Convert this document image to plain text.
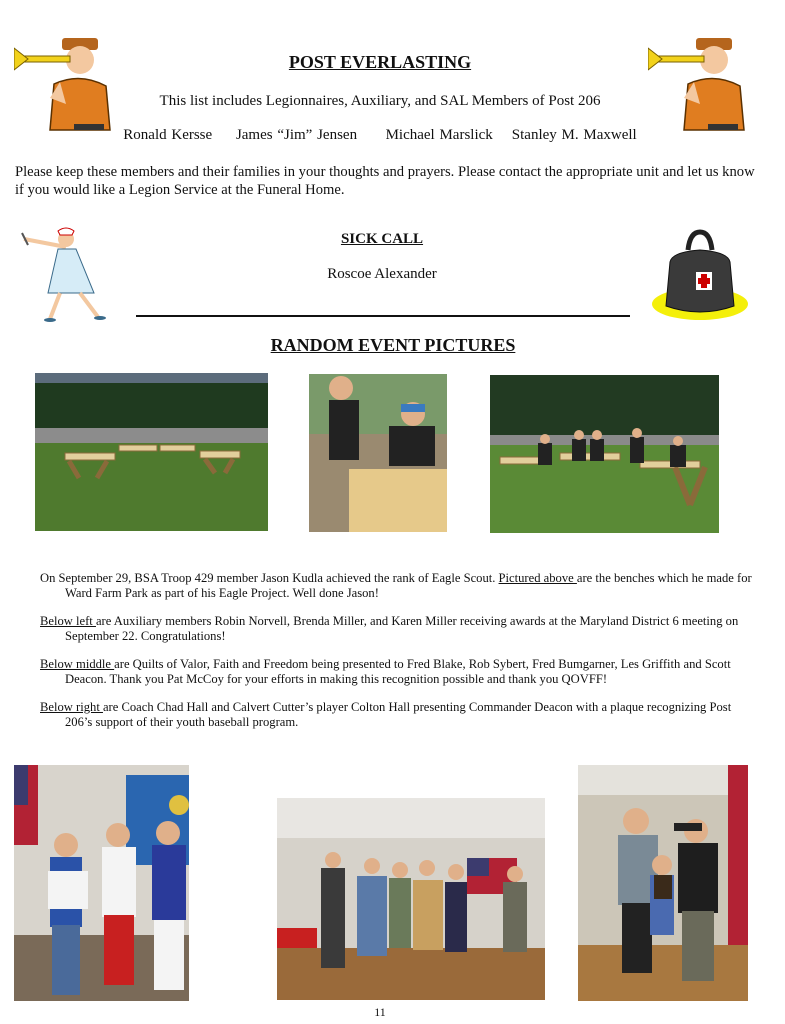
POST EVERLASTING
This list includes Legionnaires, Auxiliary, and SAL Members of Post 206
Ronald Kersse James “Jim” Jensen Michael Marslick Stanley M. Maxwell
Please keep these members and their families in your thoughts and prayers. Please contact the appropriate unit and let us know if you would like a Legion Service at the Funeral Home.
SICK CALL
Roscoe Alexander
RANDOM EVENT PICTURES

On September 29, BSA Troop 429 member Jason Kudla achieved the rank of Eagle Scout. Pictured above are the benches which he made for Ward Farm Park as part of his Eagle Project. Well done Jason!

Below left are Auxiliary members Robin Norvell, Brenda Miller, and Karen Miller receiving awards at the Maryland District 6 meeting on September 22. Congratulations!

Below middle are Quilts of Valor, Faith and Freedom being presented to Fred Blake, Rob Sybert, Fred Bumgarner, Les Griffith and Scott Deacon. Thank you Pat McCoy for your efforts in making this recognition possible and thank you QOVFF!

Below right are Coach Chad Hall and Calvert Cutter’s player Colton Hall presenting Commander Deacon with a plaque recognizing Post 206’s support of their youth baseball program.

11
